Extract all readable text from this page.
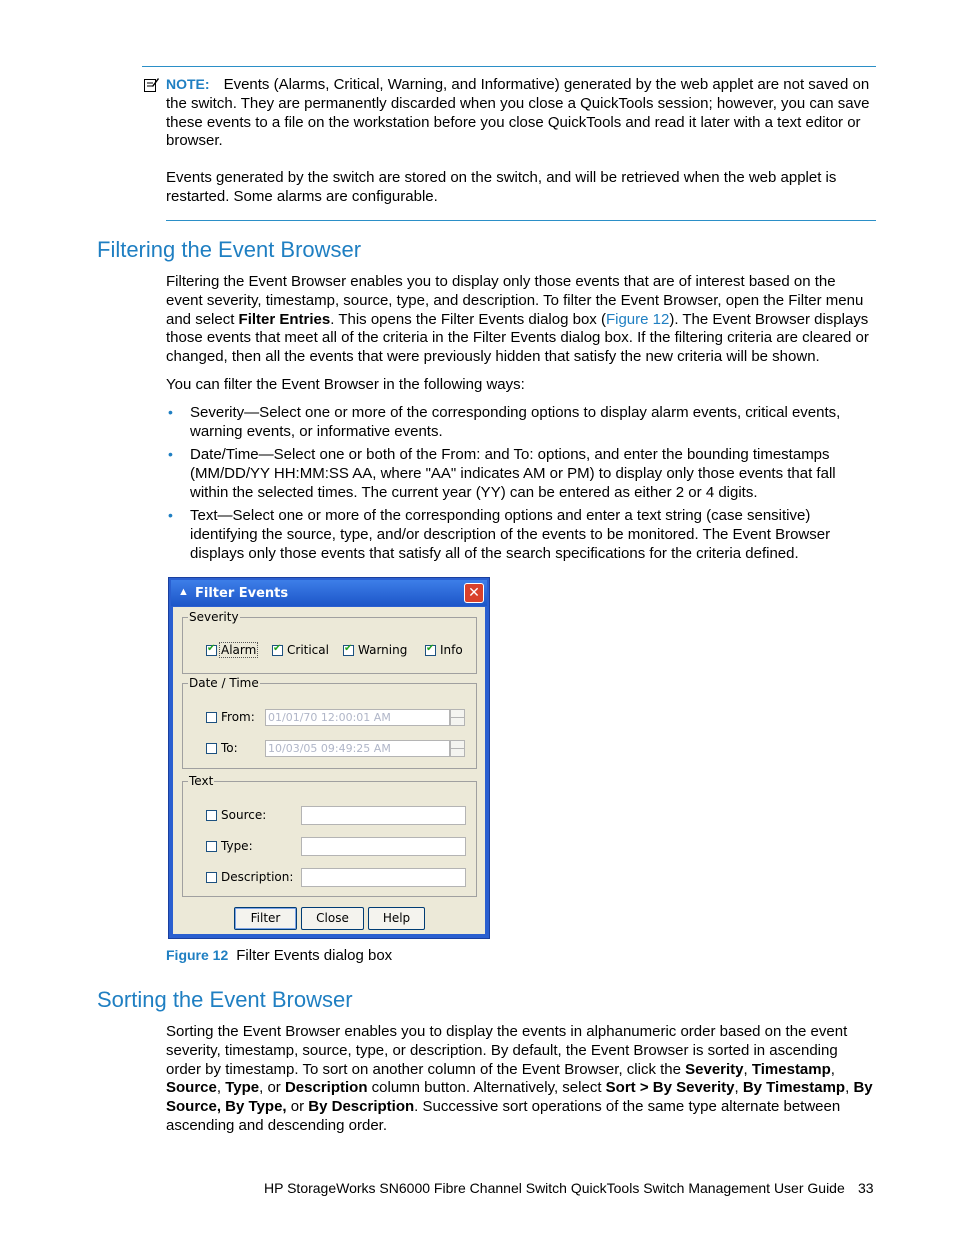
NOTE: Events (Alarms, Critical, Warning, and Informative) generated by the web applet are not saved on the switch. They are permanently discarded when you close a QuickTools session; however, you can save these events to a file on the workstation before you close QuickTools and read it later with a text editor or browser.
Events generated by the switch are stored on the switch, and will be retrieved when the web applet is restarted. Some alarms are configurable.
Filtering the Event Browser
Filtering the Event Browser enables you to display only those events that are of interest based on the event severity, timestamp, source, type, and description. To filter the Event Browser, open the Filter menu and select Filter Entries. This opens the Filter Events dialog box (Figure 12). The Event Browser displays those events that meet all of the criteria in the Filter Events dialog box. If the filtering criteria are cleared or changed, then all the events that were previously hidden that satisfy the new criteria will be shown.
You can filter the Event Browser in the following ways:
• Severity—Select one or more of the corresponding options to display alarm events, critical events, warning events, or informative events.
• Date/Time—Select one or both of the From: and To: options, and enter the bounding timestamps (MM/DD/YY HH:MM:SS AA, where "AA" indicates AM or PM) to display only those events that fall within the selected times. The current year (YY) can be entered as either 2 or 4 digits.
• Text—Select one or more of the corresponding options and enter a text string (case sensitive) identifying the source, type, and/or description of the events to be monitored. The Event Browser displays only those events that satisfy all of the search specifications for the criteria defined.
▲ Filter Events	✕
Severity
✔
Alarm ✔	Critical ✔ Warning ✔	Info
Date / Time
From: 01/01/70 12:00:01 AM
To:	10/03/05 09:49:25 AM
Text
Source:
Type:
Description:
Filter	Close	Help
Figure 12 Filter Events dialog box
Sorting the Event Browser
Sorting the Event Browser enables you to display the events in alphanumeric order based on the event severity, timestamp, source, type, or description. By default, the Event Browser is sorted in ascending order by timestamp. To sort on another column of the Event Browser, click the Severity, Timestamp, Source, Type, or Description column button. Alternatively, select Sort > By Severity, By Timestamp, By Source, By Type, or By Description. Successive sort operations of the same type alternate between ascending and descending order.
HP StorageWorks SN6000 Fibre Channel Switch QuickTools Switch Management User Guide 33
